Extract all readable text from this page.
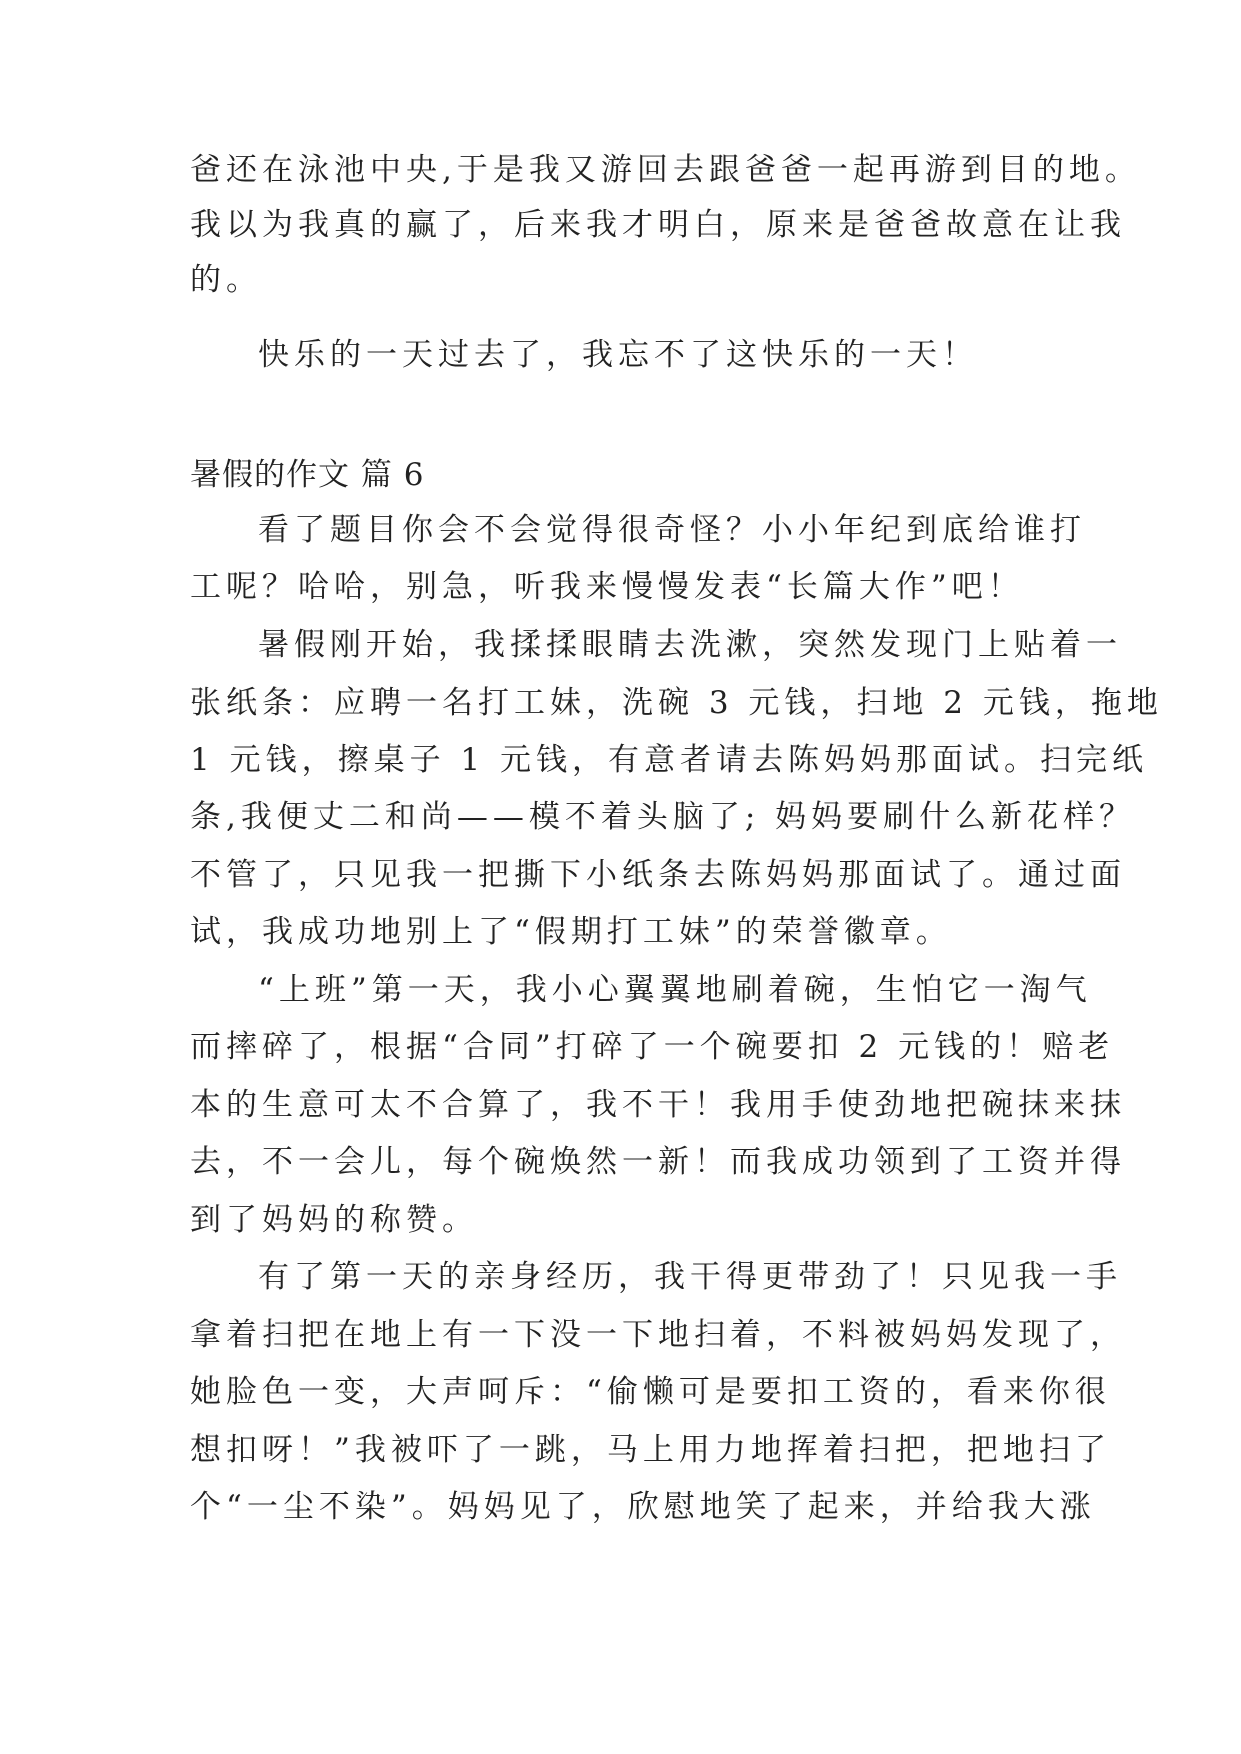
爸还在泳池中央,于是我又游回去跟爸爸一起再游到目的地。

我以为我真的赢了，后来我才明白，原来是爸爸故意在让我

的。

快乐的一天过去了，我忘不了这快乐的一天！

暑假的作文 篇 6

看了题目你会不会觉得很奇怪？小小年纪到底给谁打

工呢？哈哈，别急，听我来慢慢发表“长篇大作”吧！

暑假刚开始，我揉揉眼睛去洗漱，突然发现门上贴着一

张纸条：应聘一名打工妹，洗碗 3 元钱，扫地 2 元钱，拖地

1 元钱，擦桌子 1 元钱，有意者请去陈妈妈那面试。扫完纸

条,我便丈二和尚——模不着头脑了; 妈妈要刷什么新花样？

不管了，只见我一把撕下小纸条去陈妈妈那面试了。通过面

试，我成功地别上了“假期打工妹”的荣誉徽章。

“上班”第一天，我小心翼翼地刷着碗，生怕它一淘气

而摔碎了，根据“合同”打碎了一个碗要扣 2 元钱的！赔老

本的生意可太不合算了，我不干！我用手使劲地把碗抹来抹

去，不一会儿，每个碗焕然一新！而我成功领到了工资并得

到了妈妈的称赞。

有了第一天的亲身经历，我干得更带劲了！只见我一手

拿着扫把在地上有一下没一下地扫着，不料被妈妈发现了，

她脸色一变，大声呵斥：“偷懒可是要扣工资的，看来你很

想扣呀！”我被吓了一跳，马上用力地挥着扫把，把地扫了

个“一尘不染”。妈妈见了，欣慰地笑了起来，并给我大涨
